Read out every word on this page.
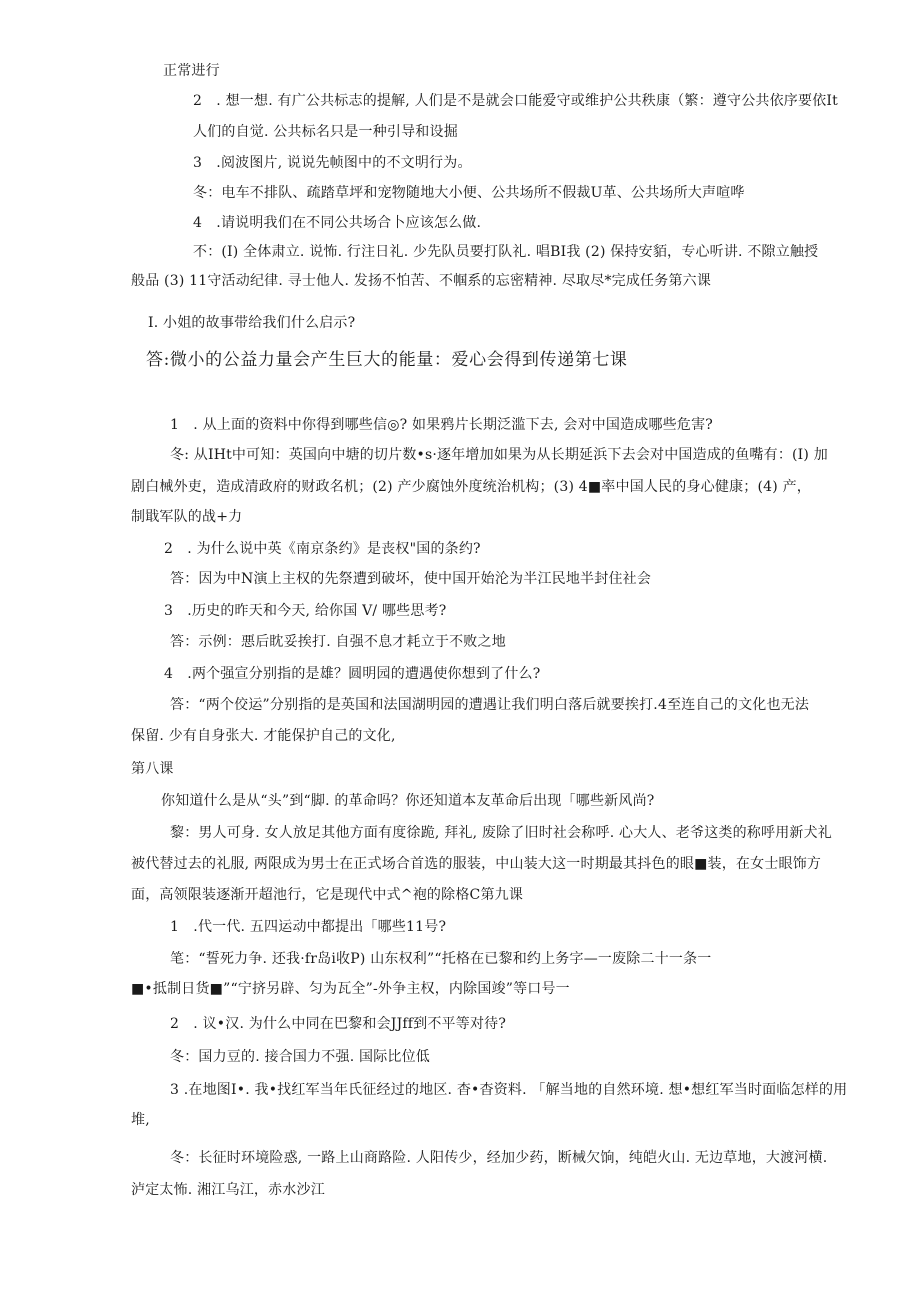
正常进行
2　. 想一想. 有广公共标志的提解, 人们是不是就会口能爱守或维护公共秩康（繁：遵守公共依序要依It
人们的自觉. 公共标名只是一种引导和设掘
3　.阅波图片, 说说先帧图中的不文明行为。
冬：电车不排队、疏踏草坪和宠物随地大小便、公共场所不假裁U革、公共场所大声喧哗
4　.请说明我们在不同公共场合卜应该怎么做.
不：(I) 全体肃立. 说怖. 行注日礼. 少先队员要打队礼. 唱BI我 (2) 保持安貊，专心听讲. 不隙立触授
般品 (3) 11守活动纪律. 寻士他人. 发扬不怕苦、不帼系的忘密精神. 尽取尽*完成任务第六课
I. 小姐的故事带给我们什么启示?
答:微小的公益力量会产生巨大的能量：爱心会得到传递第七课
1　. 从上面的资料中你得到哪些信◎? 如果鸦片长期泛滥下去, 会对中国造成哪些危害?
冬: 从IHt中可知：英国向中塘的切片数•s·逐年增加如果为从长期延浜下去会对中国造成的鱼嘴有：(I) 加
剧白械外吏，造成清政府的财政名机；(2) 产少腐蚀外度统治机构；(3) 4■率中国人民的身心健康；(4) 产，
制戢军队的战+力
2　. 为什么说中英《南京条约》是丧权"国的条约?
答：因为中N演上主权的先祭遭到破坏，使中国开始沦为半江民地半封住社会
3　.历史的昨天和今天, 给你国 V/ 哪些思考?
答：示例：悪后眈妥挨打. 自强不息才耗立于不败之地
4　.两个强宣分别指的是雄？圆明园的遭遇使你想到了什么?
答：“两个佼运”分别指的是英国和法国湖明园的遭遇让我们明白落后就要挨打.4至连自己的文化也无法
保留. 少有自身张大. 才能保护自己的文化,
第八课
你知道什么是从“头”到“脚. 的革命吗？你还知道本友革命后出现「哪些新风尚?
黎：男人可身. 女人放足其他方面有度徐跪, 拜礼, 废除了旧时社会称呼. 心大人、老爷这类的称呼用新犬礼
被代替过去的礼服, 两限成为男士在正式场合首选的服装，中山装大这一时期最其抖色的眼■装，在女士眼饰方
面，高领限装逐渐开超池行，它是现代中式^袍的除格C第九课
1　.代一代. 五四运动中都提出「哪些11号?
笔：“誓死力争. 还我·fr岛i收P) 山东权利”“托格在已黎和约上务字—一废除二十一条一
■•抵制日货■”“宁挤另辟、匀为瓦全”-外争主权，内除国竣”等口号一
2　. 议•汉. 为什么中同在巴黎和会JJff到不平等对待?
冬：国力豆的. 接合国力不强. 国际比位低
3 .在地图I•. 我•找红军当年氏征经过的地区. 杳•杳资料. 「解当地的自然环境. 想•想红军当时面临怎样的用
堆,
冬：长征时环境险惑, 一路上山商路险. 人阳传少，经加少药，断械欠饷，纯皑火山. 无边草地，大渡河横.
泸定太怖. 湘江乌江，赤水沙江
